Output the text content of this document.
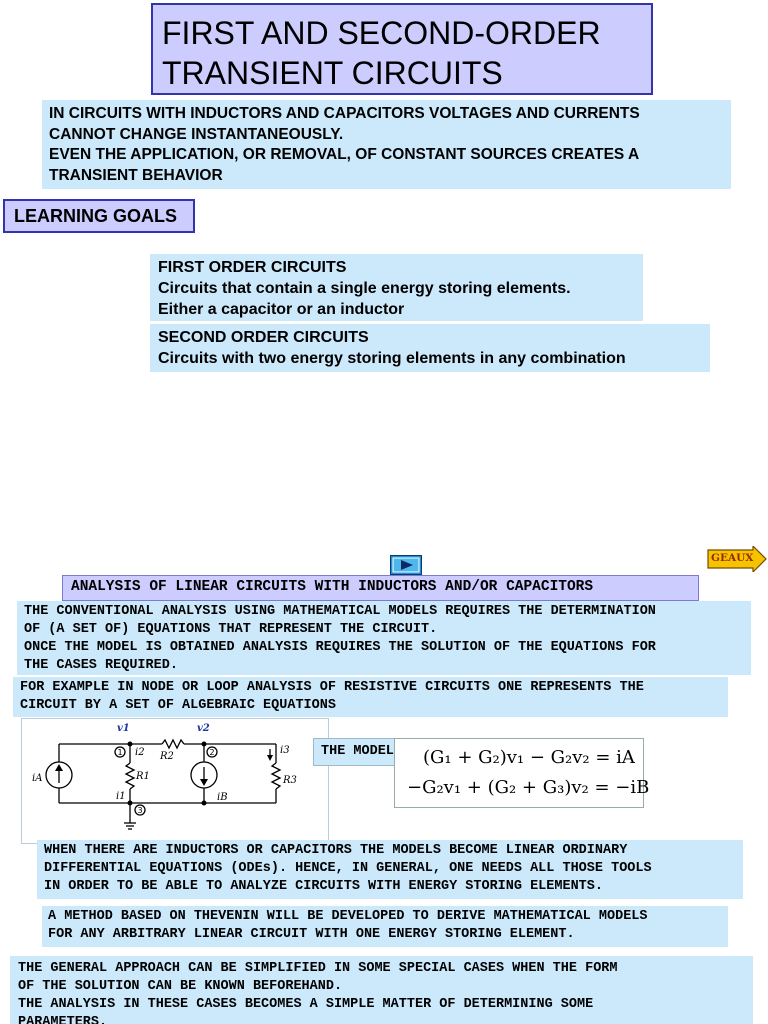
FIRST AND SECOND-ORDER
TRANSIENT CIRCUITS
IN CIRCUITS WITH INDUCTORS AND CAPACITORS VOLTAGES AND CURRENTS
CANNOT CHANGE INSTANTANEOUSLY.
EVEN THE APPLICATION, OR REMOVAL, OF CONSTANT SOURCES CREATES A
TRANSIENT BEHAVIOR
LEARNING GOALS
FIRST ORDER CIRCUITS
Circuits that contain a single energy storing elements.
Either a capacitor or an inductor
SECOND ORDER CIRCUITS
Circuits with two energy storing elements in any combination
GEAUX
ANALYSIS OF LINEAR CIRCUITS WITH INDUCTORS AND/OR CAPACITORS
THE CONVENTIONAL ANALYSIS USING MATHEMATICAL MODELS REQUIRES THE DETERMINATION
OF (A SET OF) EQUATIONS THAT REPRESENT THE CIRCUIT.
ONCE THE MODEL IS OBTAINED ANALYSIS REQUIRES THE SOLUTION OF THE EQUATIONS FOR
THE CASES REQUIRED.
FOR EXAMPLE IN NODE OR LOOP ANALYSIS OF RESISTIVE CIRCUITS ONE REPRESENTS THE
CIRCUIT BY A SET OF ALGEBRAIC EQUATIONS
v1	v2
i2 R2
i3
R1	R3
iA
iB
i1
1	2
3
THE MODEL	(G₁ + G₂)v₁ − G₂v₂ = iA
−G₂v₁ + (G₂ + G₃)v₂ = −iB
WHEN THERE ARE INDUCTORS OR CAPACITORS THE MODELS BECOME LINEAR ORDINARY
DIFFERENTIAL EQUATIONS (ODEs). HENCE, IN GENERAL, ONE NEEDS ALL THOSE TOOLS
IN ORDER TO BE ABLE TO ANALYZE CIRCUITS WITH ENERGY STORING ELEMENTS.
A METHOD BASED ON THEVENIN WILL BE DEVELOPED TO DERIVE MATHEMATICAL MODELS
FOR ANY ARBITRARY LINEAR CIRCUIT WITH ONE ENERGY STORING ELEMENT.
THE GENERAL APPROACH CAN BE SIMPLIFIED IN SOME SPECIAL CASES WHEN THE FORM
OF THE SOLUTION CAN BE KNOWN BEFOREHAND.
THE ANALYSIS IN THESE CASES BECOMES A SIMPLE MATTER OF DETERMINING SOME
PARAMETERS.
